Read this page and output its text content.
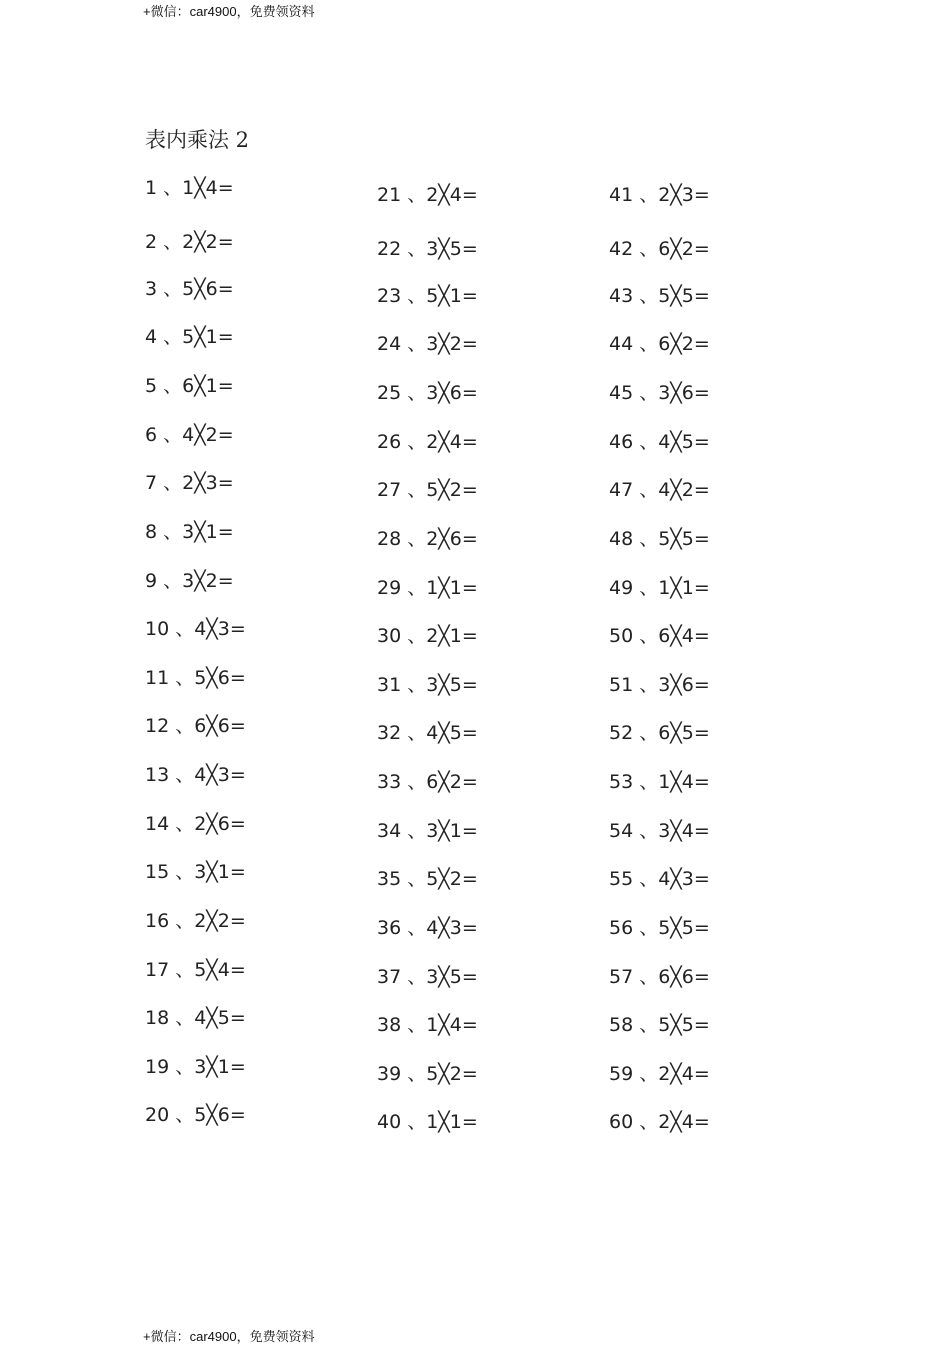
+微信：car4900，免费领资料
表内乘法 2
1 、1╳4=
2 、2╳2=
3 、5╳6=
4 、5╳1=
5 、6╳1=
6 、4╳2=
7 、2╳3=
8 、3╳1=
9 、3╳2=
10 、4╳3=
11 、5╳6=
12 、6╳6=
13 、4╳3=
14 、2╳6=
15 、3╳1=
16 、2╳2=
17 、5╳4=
18 、4╳5=
19 、3╳1=
20 、5╳6=
21 、2╳4=
22 、3╳5=
23 、5╳1=
24 、3╳2=
25 、3╳6=
26 、2╳4=
27 、5╳2=
28 、2╳6=
29 、1╳1=
30 、2╳1=
31 、3╳5=
32 、4╳5=
33 、6╳2=
34 、3╳1=
35 、5╳2=
36 、4╳3=
37 、3╳5=
38 、1╳4=
39 、5╳2=
40 、1╳1=
41 、2╳3=
42 、6╳2=
43 、5╳5=
44 、6╳2=
45 、3╳6=
46 、4╳5=
47 、4╳2=
48 、5╳5=
49 、1╳1=
50 、6╳4=
51 、3╳6=
52 、6╳5=
53 、1╳4=
54 、3╳4=
55 、4╳3=
56 、5╳5=
57 、6╳6=
58 、5╳5=
59 、2╳4=
60 、2╳4=
+微信：car4900，免费领资料
